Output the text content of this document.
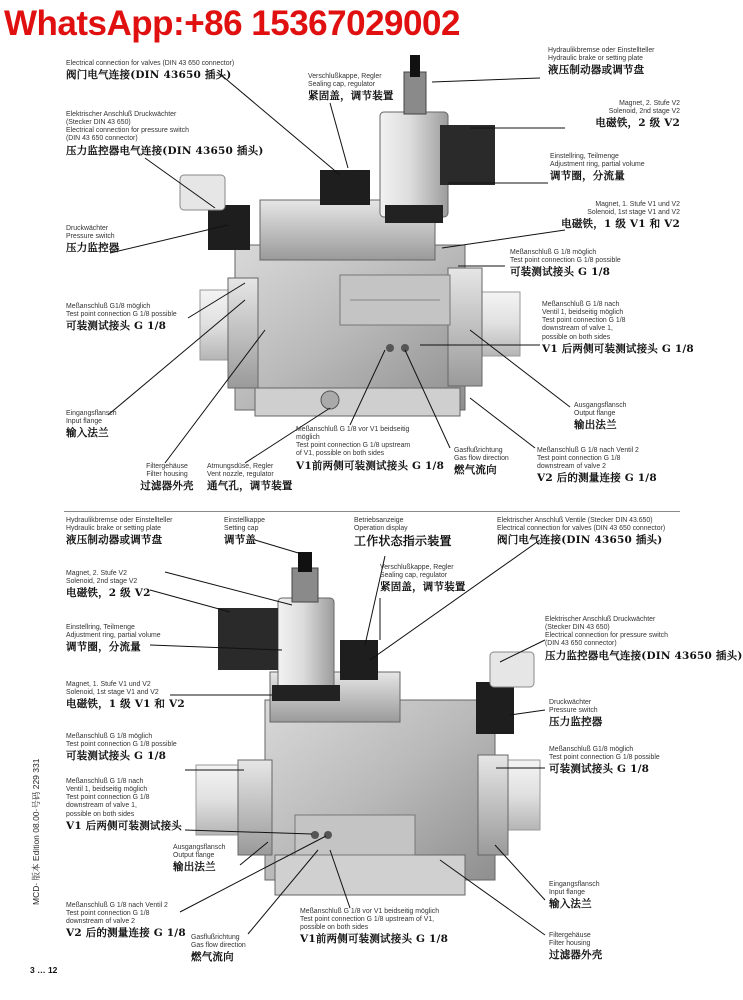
WhatsApp:+86 15367029002
Electrical connection for valves (DIN 43 650 connector)
阀门电气连接(DIN 43650 插头)	Verschlußkappe, Regler
Sealing cap, regulator
紧固盖，调节装置
Hydraulikbremse oder Einstellteller
Hydraulic brake or setting plate
液压制动器或调节盘
Elektrischer Anschluß Druckwächter
(Stecker DIN 43 650)
Electrical connection for pressure switch
(DIN 43 650 connector)
压力监控器电气连接(DIN 43650 插头)
Magnet, 2. Stufe V2
Solenoid, 2nd stage V2
电磁铁，2 级 V2
Einstellring, Teilmenge
Adjustment ring, partial volume
调节圈，分流量
Druckwächter
Pressure switch
压力监控器
Magnet, 1. Stufe V1 und V2
Solenoid, 1st stage V1 and V2
电磁铁，1 级 V1 和 V2
Meßanschluß G 1/8 möglich
Test point connection G 1/8 possible
可装测试接头 G 1/8
Meßanschluß G1/8 möglich
Test point connection G 1/8 possible
可装测试接头 G 1/8
Meßanschluß G 1/8 nach
Ventil 1, beidseitig möglich
Test point connection G 1/8
downstream of valve 1,
possible on both sides
V1 后两侧可装测试接头 G 1/8
Eingangsflansch
Input flange
输入法兰
Ausgangsflansch
Output flange
输出法兰
Meßanschluß G 1/8 vor V1 beidseitig
möglich
Test point connection G 1/8 upstream
of V1, possible on both sides
V1前两侧可装测试接头 G 1/8
Gasflußrichtung
Gas flow direction
燃气流向
Meßanschluß G 1/8 nach Ventil 2
Test point connection G 1/8
downstream of valve 2
V2 后的测量连接 G 1/8
Filtergehäuse
Filter housing
过滤器外壳
Atmungsdüse, Regler
Vent nozzle, regulator
通气孔，调节装置
Hydraulikbremse oder Einstellteller
Hydraulic brake or setting plate
液压制动器或调节盘
Einstellkappe
Setting cap
调节盖
Betriebsanzeige
Operation display
工作状态指示装置
Elektrischer Anschluß Ventile (Stecker DIN 43.650)
Electrical connection for valves (DIN 43 650 connector)
阀门电气连接(DIN 43650 插头)
Magnet, 2. Stufe V2
Solenoid, 2nd stage V2
电磁铁，2 级 V2
Verschlußkappe, Regler
Sealing cap, regulator
紧固盖，调节装置
Einstellring, Teilmenge
Adjustment ring, partial volume
调节圈，分流量
Elektrischer Anschluß Druckwächter
(Stecker DIN 43 650)
Electrical connection for pressure switch
(DIN 43 650 connector)
压力监控器电气连接(DIN 43650 插头)
Magnet, 1. Stufe V1 und V2
Solenoid, 1st stage V1 and V2
电磁铁，1 级 V1 和 V2	Druckwächter
Pressure switch
压力监控器
Meßanschluß G 1/8 möglich
Test point connection G 1/8 possible
可装测试接头 G 1/8
Meßanschluß G1/8 möglich
Test point connection G 1/8 possible
可装测试接头 G 1/8
Meßanschluß G 1/8 nach
Ventil 1, beidseitig möglich
Test point connection G 1/8
downstream of valve 1,
possible on both sides
V1 后两侧可装测试接头
Ausgangsflansch
Output flange
输出法兰
Eingangsflansch
Input flange
输入法兰
Meßanschluß G 1/8 nach Ventil 2
Test point connection G 1/8
downstream of valve 2
V2 后的测量连接 G 1/8 Gasflußrichtung
Gas flow direction
燃气流向
Meßanschluß G 1/8 vor V1 beidseitig möglich
Test point connection G 1/8 upstream of V1,
possible on both sides
V1前两侧可装测试接头 G 1/8	Filtergehäuse
Filter housing
过滤器外壳
MCD· 版本 Edition 08.00·号码 229 331
3 … 12
